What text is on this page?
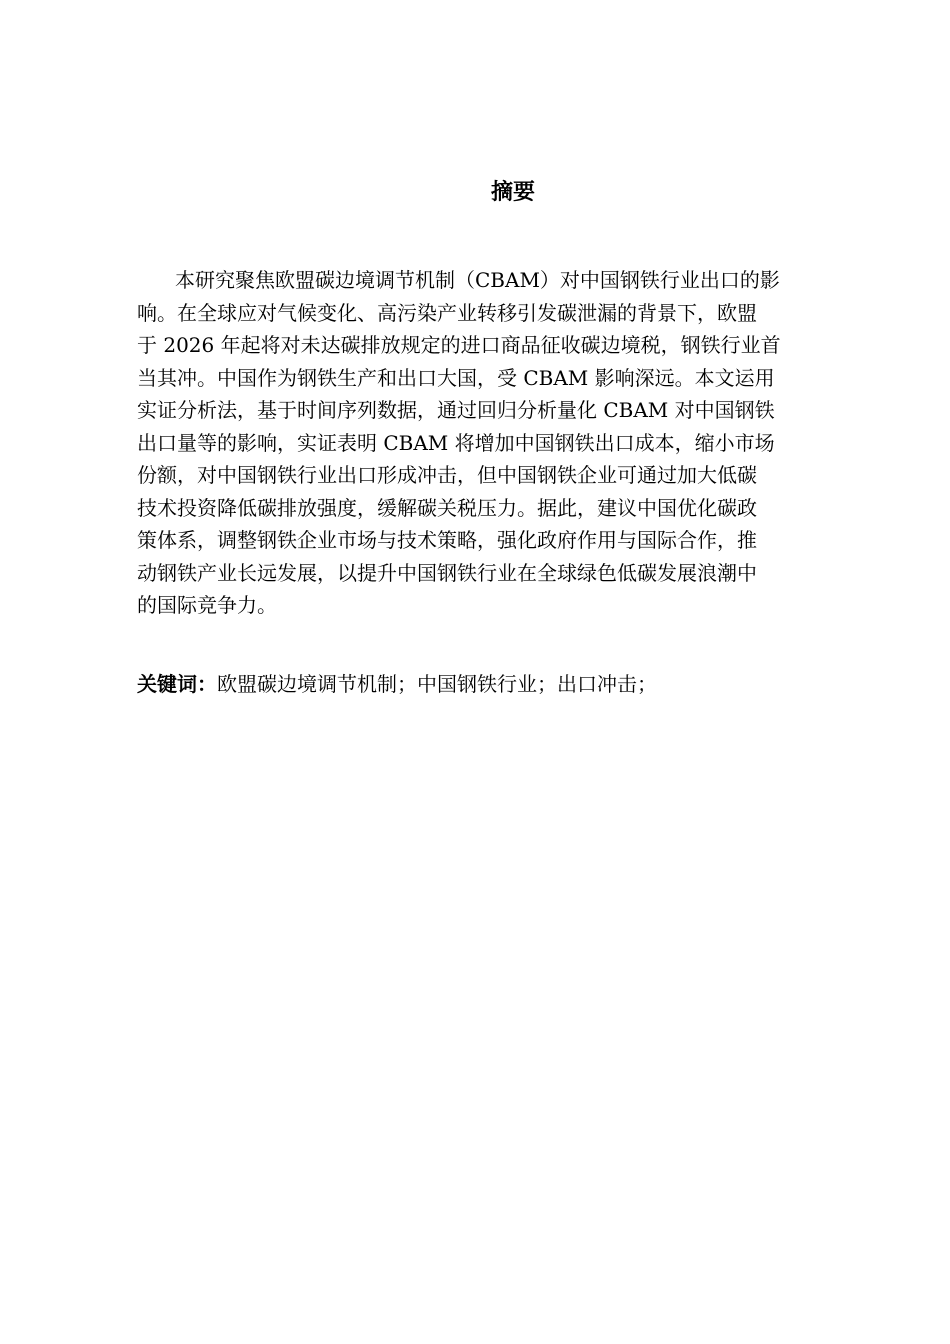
摘要
本研究聚焦欧盟碳边境调节机制（CBAM）对中国钢铁行业出口的影
响。在全球应对气候变化、高污染产业转移引发碳泄漏的背景下，欧盟
于 2026 年起将对未达碳排放规定的进口商品征收碳边境税，钢铁行业首
当其冲。中国作为钢铁生产和出口大国，受 CBAM 影响深远。本文运用
实证分析法，基于时间序列数据，通过回归分析量化 CBAM 对中国钢铁
出口量等的影响，实证表明 CBAM 将增加中国钢铁出口成本，缩小市场
份额，对中国钢铁行业出口形成冲击，但中国钢铁企业可通过加大低碳
技术投资降低碳排放强度，缓解碳关税压力。据此，建议中国优化碳政
策体系，调整钢铁企业市场与技术策略，强化政府作用与国际合作，推
动钢铁产业长远发展，以提升中国钢铁行业在全球绿色低碳发展浪潮中
的国际竞争力。
关键词：欧盟碳边境调节机制；中国钢铁行业；出口冲击；
